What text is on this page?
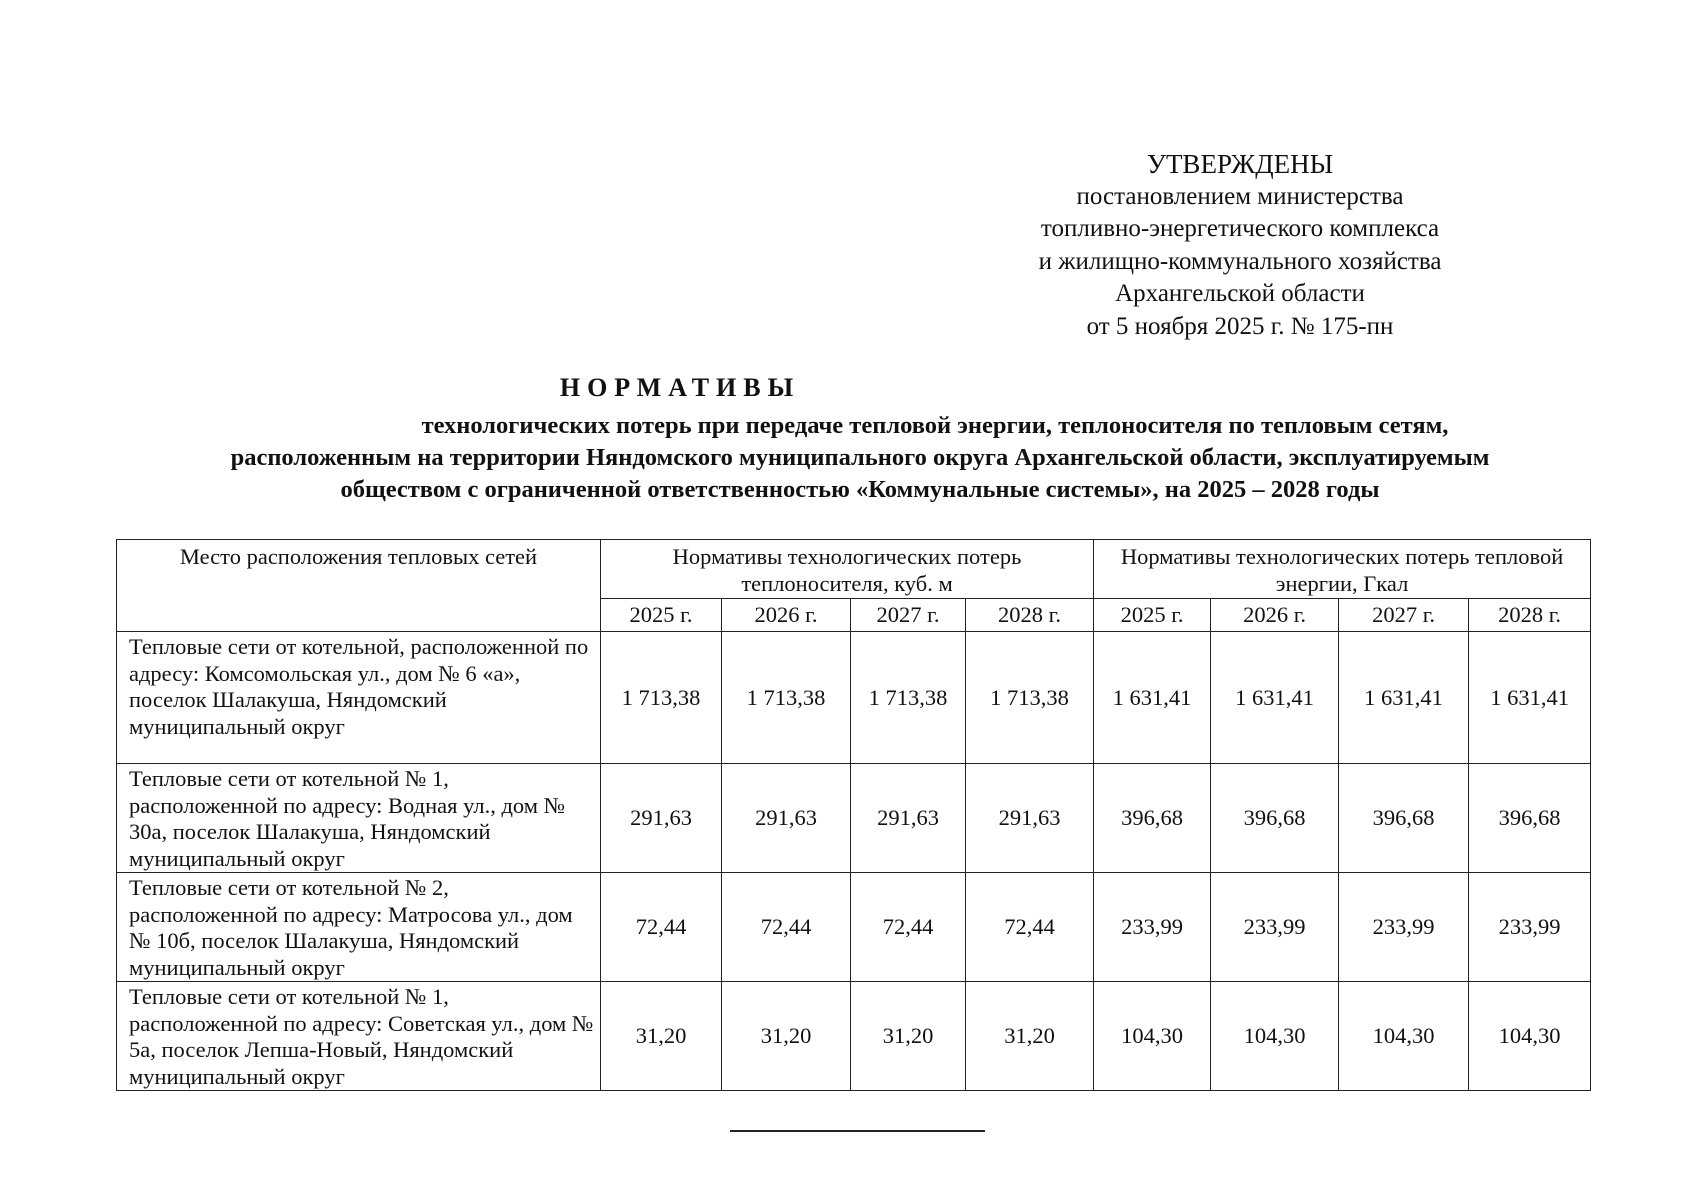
УТВЕРЖДЕНЫ
постановлением министерства
топливно-энергетического комплекса
и жилищно-коммунального хозяйства
Архангельской области
от 5 ноября 2025 г. № 175-пн
НОРМАТИВЫ
технологических потерь при передаче тепловой энергии, теплоносителя по тепловым сетям,
расположенным на территории Няндомского муниципального округа Архангельской области, эксплуатируемым
обществом с ограниченной ответственностью «Коммунальные системы», на 2025 – 2028 годы
Место расположения тепловых сетей	Нормативы технологических потерь теплоносителя, куб. м				Нормативы технологических потерь тепловой энергии, Гкал			
	2025 г.	2026 г.	2027 г.	2028 г.	2025 г.	2026 г.	2027 г.	2028 г.
Тепловые сети от котельной, расположенной по адресу: Комсомольская ул., дом № 6 «а», поселок Шалакуша, Няндомский муниципальный округ	1 713,38	1 713,38	1 713,38	1 713,38	1 631,41	1 631,41	1 631,41	1 631,41
Тепловые сети от котельной № 1, расположенной по адресу: Водная ул., дом № 30а, поселок Шалакуша, Няндомский муниципальный округ	291,63	291,63	291,63	291,63	396,68	396,68	396,68	396,68
Тепловые сети от котельной № 2, расположенной по адресу: Матросова ул., дом № 10б, поселок Шалакуша, Няндомский муниципальный округ	72,44	72,44	72,44	72,44	233,99	233,99	233,99	233,99
Тепловые сети от котельной № 1, расположенной по адресу: Советская ул., дом № 5а, поселок Лепша-Новый, Няндомский муниципальный округ	31,20	31,20	31,20	31,20	104,30	104,30	104,30	104,30
